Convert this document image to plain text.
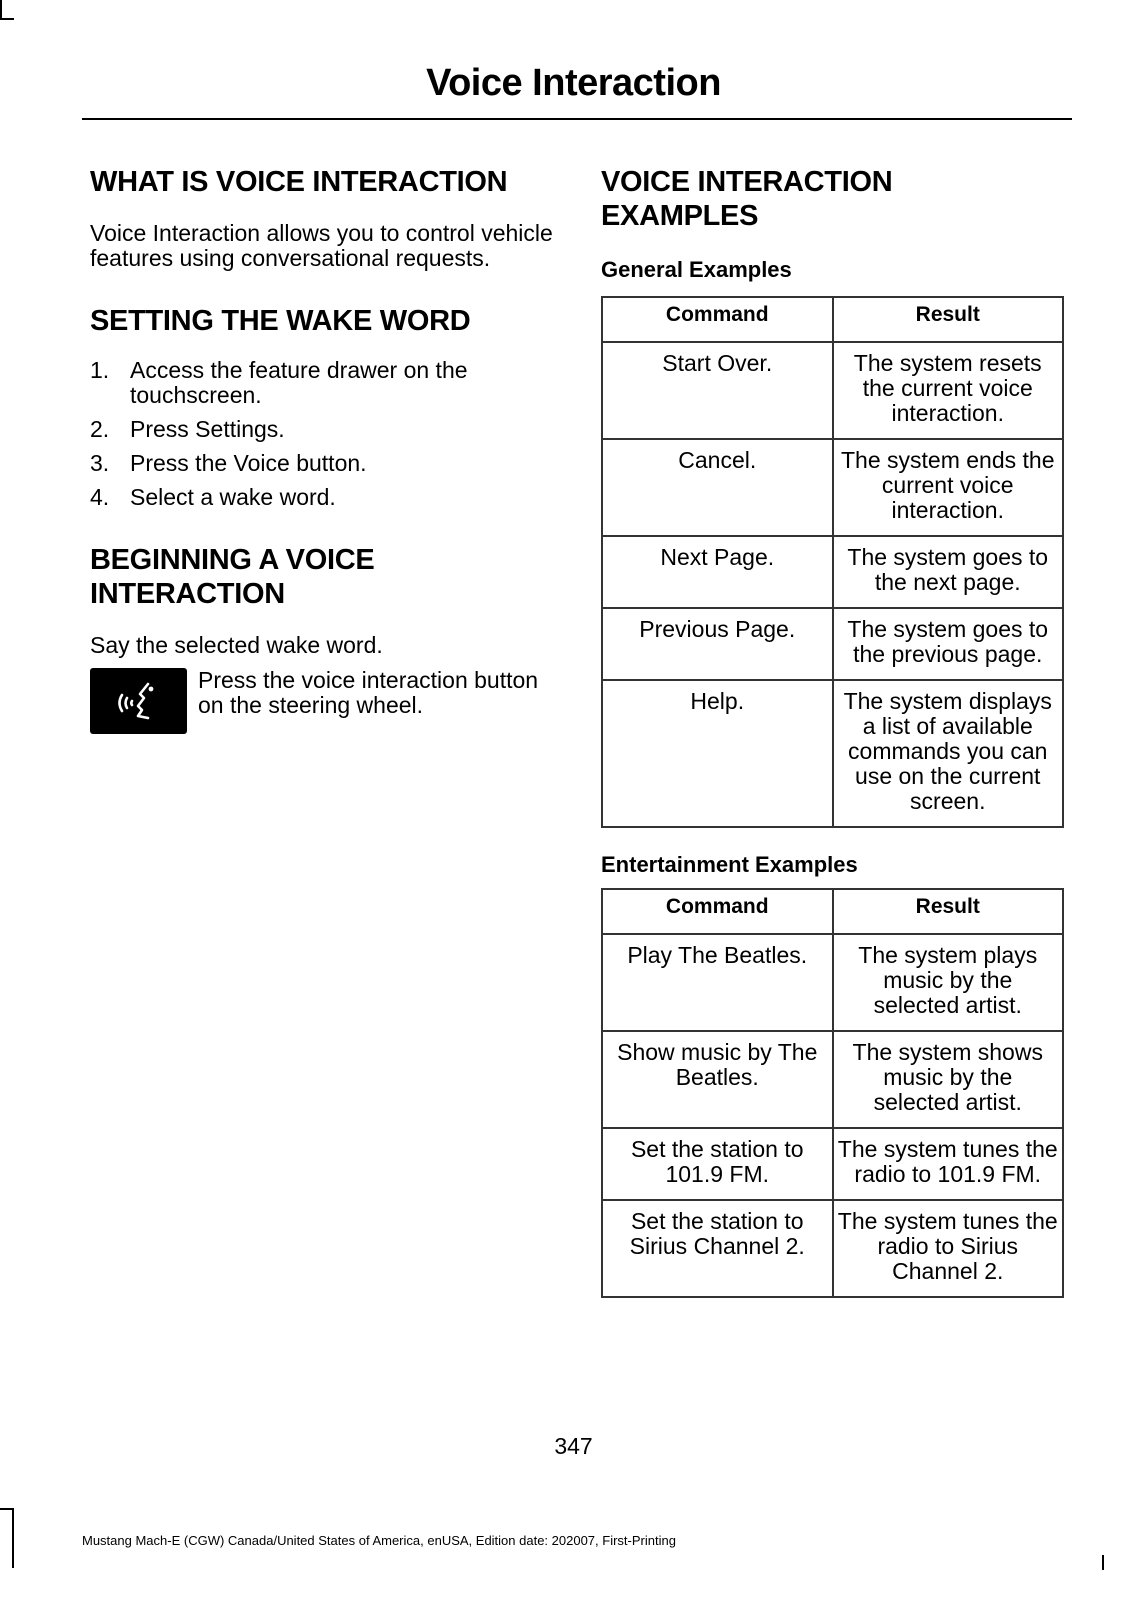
Voice Interaction
WHAT IS VOICE INTERACTION

Voice Interaction allows you to control vehicle features using conversational requests.

SETTING THE WAKE WORD
1. Access the feature drawer on the touchscreen.
2. Press Settings.
3. Press the Voice button.
4. Select a wake word.
BEGINNING A VOICE INTERACTION

Say the selected wake word.

Press the voice interaction button on the steering wheel.
VOICE INTERACTION EXAMPLES
General Examples
Command	Result
Start Over.	The system resets the current voice interaction.
Cancel.	The system ends the current voice interaction.
Next Page.	The system goes to the next page.
Previous Page.	The system goes to the previous page.
Help.	The system displays a list of available commands you can use on the current screen.
Entertainment Examples
Command	Result
Play The Beatles.	The system plays music by the selected artist.
Show music by The Beatles.	The system shows music by the selected artist.
Set the station to 101.9 FM.	The system tunes the radio to 101.9 FM.
Set the station to Sirius Channel 2.	The system tunes the radio to Sirius Channel 2.
347
Mustang Mach-E (CGW) Canada/United States of America, enUSA, Edition date: 202007, First-Printing
